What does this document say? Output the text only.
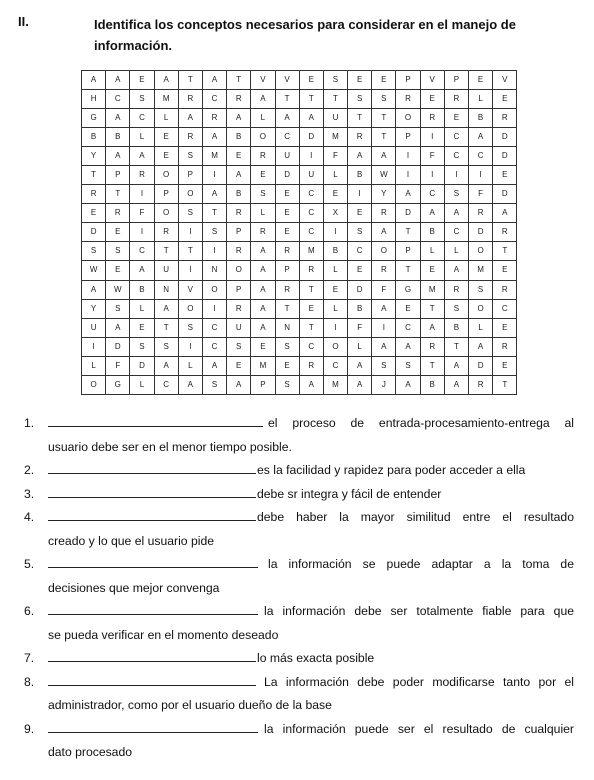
II.	Identifica los conceptos necesarios para considerar en el manejo de información.
A	A	E	A	T	A	T	V	V	E	S	E	E	P	V	P	E	V
H	C	S	M	R	C	R	A	T	T	T	S	S	R	E	R	L	E
G	A	C	L	A	R	A	L	A	A	U	T	T	O	R	E	B	R
B	B	L	E	R	A	B	O	C	D	M	R	T	P	I	C	A	D
Y	A	A	E	S	M	E	R	U	I	F	A	A	I	F	C	C	D
T	P	R	O	P	I	A	E	D	U	L	B	W	I	I	I	I	E
R	T	I	P	O	A	B	S	E	C	E	I	Y	A	C	S	F	D
E	R	F	O	S	T	R	L	E	C	X	E	R	D	A	A	R	A
D	E	I	R	I	S	P	R	E	C	I	S	A	T	B	C	D	R
S	S	C	T	T	I	R	A	R	M	B	C	O	P	L	L	O	T
W	E	A	U	I	N	O	A	P	R	L	E	R	T	E	A	M	E
A	W	B	N	V	O	P	A	R	T	E	D	F	G	M	R	S	R
Y	S	L	A	O	I	R	A	T	E	L	B	A	E	T	S	O	C
U	A	E	T	S	C	U	A	N	T	I	F	I	C	A	B	L	E
I	D	S	S	I	C	S	E	S	C	O	L	A	A	R	T	A	R
L	F	D	A	L	A	E	M	E	R	C	A	S	S	T	A	D	E
O	G	L	C	A	S	A	P	S	A	M	A	J	A	B	A	R	T
1.	el proceso de entrada-procesamiento-entrega al
usuario debe ser en el menor tiempo posible.
2.	es la facilidad y rapidez para poder acceder a ella
3.	debe sr integra y fácil de entender
4.	debe haber la mayor similitud entre el resultado
creado y lo que el usuario pide
5.	la información se puede adaptar a la toma de
decisiones que mejor convenga
6.	la información debe ser totalmente fiable para que
se pueda verificar en el momento deseado
7.	lo más exacta posible
8.	La información debe poder modificarse tanto por el
administrador, como por el usuario dueño de la base
9.	la información puede ser el resultado de cualquier
dato procesado
